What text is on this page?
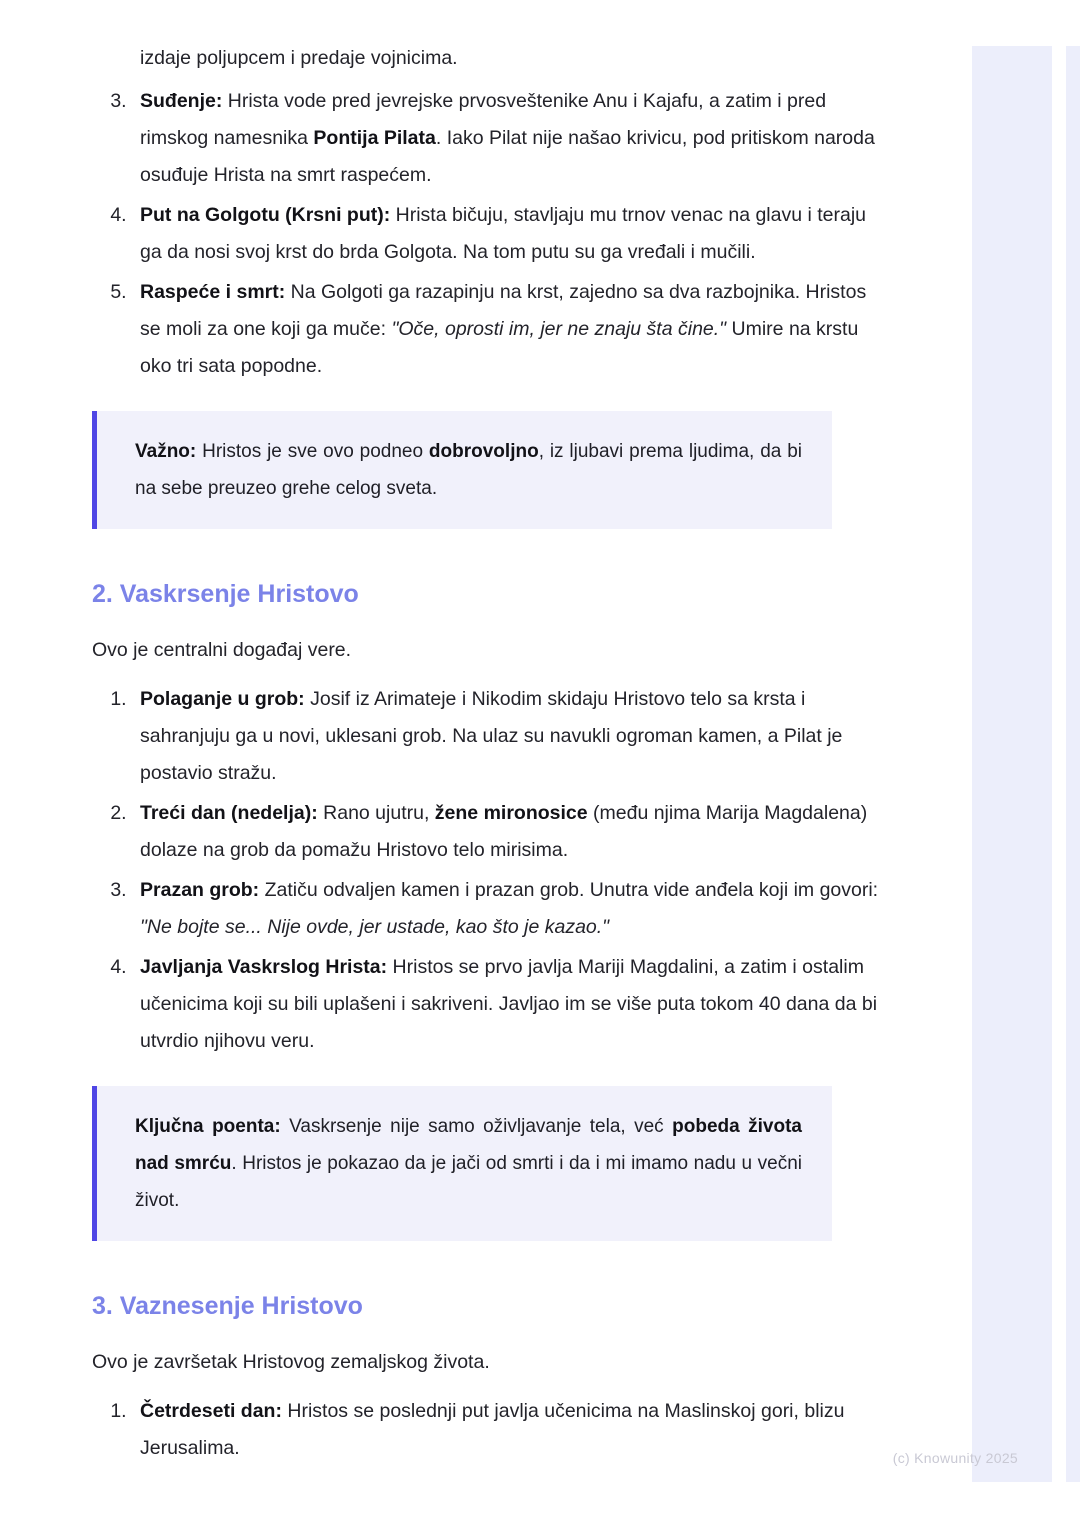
izdaje poljupcem i predaje vojnicima.

3. Suđenje: Hrista vode pred jevrejske prvosveštenike Anu i Kajafu, a zatim i pred rimskog namesnika Pontija Pilata. Iako Pilat nije našao krivicu, pod pritiskom naroda osuđuje Hrista na smrt raspećem.
4. Put na Golgotu (Krsni put): Hrista bičuju, stavljaju mu trnov venac na glavu i teraju ga da nosi svoj krst do brda Golgota. Na tom putu su ga vređali i mučili.
5. Raspeće i smrt: Na Golgoti ga razapinju na krst, zajedno sa dva razbojnika. Hristos se moli za one koji ga muče: "Oče, oprosti im, jer ne znaju šta čine." Umire na krstu oko tri sata popodne.

Važno: Hristos je sve ovo podneo dobrovoljno, iz ljubavi prema ljudima, da bi na sebe preuzeo grehe celog sveta.

2. Vaskrsenje Hristovo

Ovo je centralni događaj vere.

1. Polaganje u grob: Josif iz Arimateje i Nikodim skidaju Hristovo telo sa krsta i sahranjuju ga u novi, uklesani grob. Na ulaz su navukli ogroman kamen, a Pilat je postavio stražu.
2. Treći dan (nedelja): Rano ujutru, žene mironosice (među njima Marija Magdalena) dolaze na grob da pomažu Hristovo telo mirisima.
3. Prazan grob: Zatiču odvaljen kamen i prazan grob. Unutra vide anđela koji im govori: "Ne bojte se... Nije ovde, jer ustade, kao što je kazao."
4. Javljanja Vaskrslog Hrista: Hristos se prvo javlja Mariji Magdalini, a zatim i ostalim učenicima koji su bili uplašeni i sakriveni. Javljao im se više puta tokom 40 dana da bi utvrdio njihovu veru.

Ključna poenta: Vaskrsenje nije samo oživljavanje tela, već pobeda života nad smrću. Hristos je pokazao da je jači od smrti i da i mi imamo nadu u večni život.

3. Vaznesenje Hristovo

Ovo je završetak Hristovog zemaljskog života.

1. Četrdeseti dan: Hristos se poslednji put javlja učenicima na Maslinskoj gori, blizu Jerusalima.	(c) Knowunity 2025
